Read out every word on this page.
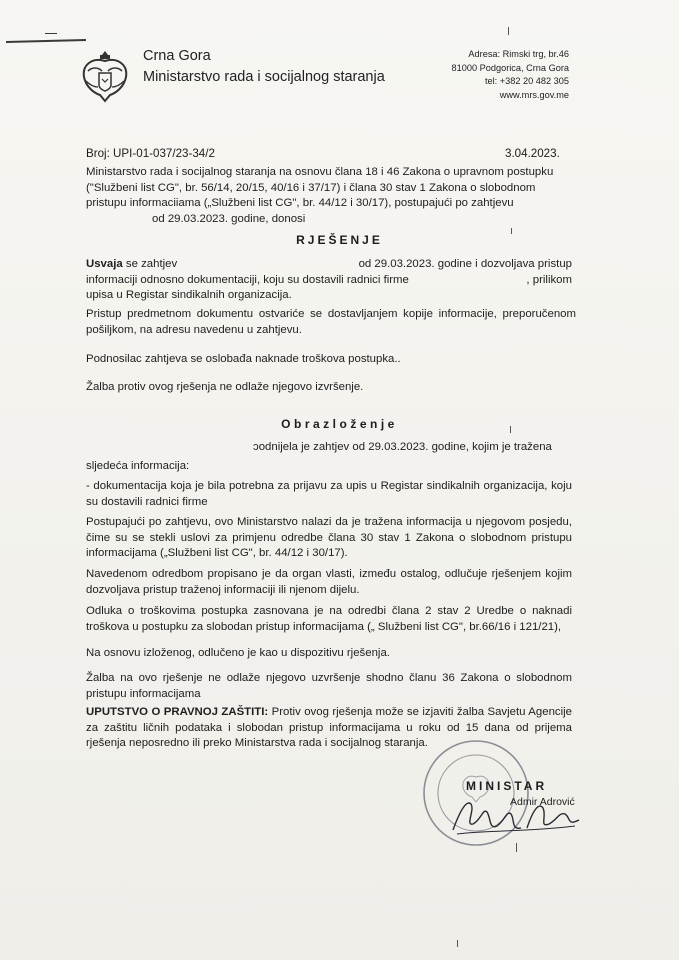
Crna Gora
Ministarstvo rada i socijalnog staranja
Adresa: Rimski trg, br.46
81000 Podgorica, Crna Gora
tel: +382 20 482 305
www.mrs.gov.me
Broj: UPI-01-037/23-34/2	3.04.2023.
Ministarstvo rada i socijalnog staranja na osnovu člana 18 i 46 Zakona o upravnom postupku
("Službeni list CG", br. 56/14, 20/15, 40/16 i 37/17) i člana 30 stav 1 Zakona o slobodnom
pristupu informaciiama („Službeni list CG", br. 44/12 i 30/17), postupajući po zahtjevu
od 29.03.2023. godine, donosi
RJEŠENJE
Usvaja se zahtjev	od 29.03.2023. godine i dozvoljava pristup
informaciji odnosno dokumentaciji, koju su dostavili radnici firme	, prilikom
upisa u Registar sindikalnih organizacija.

Pristup predmetnom dokumentu ostvariće se dostavljanjem kopije informacije, preporučenom pošiljkom, na adresu navedenu u zahtjevu.

Podnosilac zahtjeva se oslobađa naknade troškova postupka..

Žalba protiv ovog rješenja ne odlaže njegovo izvršenje.

Obrazloženje
ɔodnijela je zahtjev od 29.03.2023. godine, kojim je tražena
sljedeća informacija:

- dokumentacija koja je bila potrebna za prijavu za upis u Registar sindikalnih organizacija, koju su dostavili radnici firme

Postupajući po zahtjevu, ovo Ministarstvo nalazi da je tražena informacija u njegovom posjedu, čime su se stekli uslovi za primjenu odredbe člana 30 stav 1 Zakona o slobodnom pristupu informacijama („Službeni list CG", br. 44/12 i 30/17).

Navedenom odredbom propisano je da organ vlasti, između ostalog, odlučuje rješenjem kojim dozvoljava pristup traženoj informaciji ili njenom dijelu.

Odluka o troškovima postupka zasnovana je na odredbi člana 2 stav 2 Uredbe o naknadi troškova u postupku za slobodan pristup informacijama („ Službeni list CG", br.66/16 i 121/21),

Na osnovu izloženog, odlučeno je kao u dispozitivu rješenja.

Žalba na ovo rješenje ne odlaže njegovo uzvršenje shodno članu 36 Zakona o slobodnom pristupu informacijama

UPUTSTVO O PRAVNOJ ZAŠTITI: Protiv ovog rješenja može se izjaviti žalba Savjetu Agencije za zaštitu ličnih podataka i slobodan pristup informacijama u roku od 15 dana od prijema rješenja neposredno ili preko Ministarstva rada i socijalnog staranja.

MINISTAR
Admir Adrović
